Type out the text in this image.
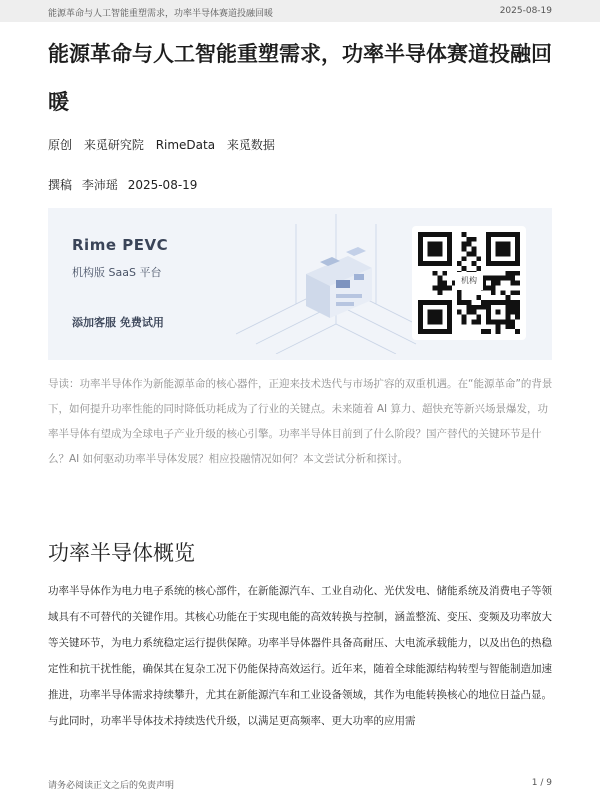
能源革命与人工智能重塑需求，功率半导体赛道投融回暖	2025-08-19
能源革命与人工智能重塑需求，功率半导体赛道投融回暖
原创 来觅研究院 RimeData 来觅数据
撰稿 李沛瑶 2025-08-19
Rime PEVC
机构版 SaaS 平台
添加客服 免费试用
机构

导读：功率半导体作为新能源革命的核心器件，正迎来技术迭代与市场扩容的双重机遇。在“能源革命”的背景下，如何提升功率性能的同时降低功耗成为了行业的关键点。未来随着 AI 算力、超快充等新兴场景爆发，功率半导体有望成为全球电子产业升级的核心引擎。功率半导体目前到了什么阶段？国产替代的关键环节是什么？AI 如何驱动功率半导体发展？相应投融情况如何？本文尝试分析和探讨。

功率半导体概览

功率半导体作为电力电子系统的核心部件，在新能源汽车、工业自动化、光伏发电、储能系统及消费电子等领域具有不可替代的关键作用。其核心功能在于实现电能的高效转换与控制，涵盖整流、变压、变频及功率放大等关键环节，为电力系统稳定运行提供保障。功率半导体器件具备高耐压、大电流承载能力，以及出色的热稳定性和抗干扰性能，确保其在复杂工况下仍能保持高效运行。近年来，随着全球能源结构转型与智能制造加速推进，功率半导体需求持续攀升，尤其在新能源汽车和工业设备领域，其作为电能转换核心的地位日益凸显。与此同时，功率半导体技术持续迭代升级，以满足更高频率、更大功率的应用需

请务必阅读正文之后的免责声明	1 / 9
